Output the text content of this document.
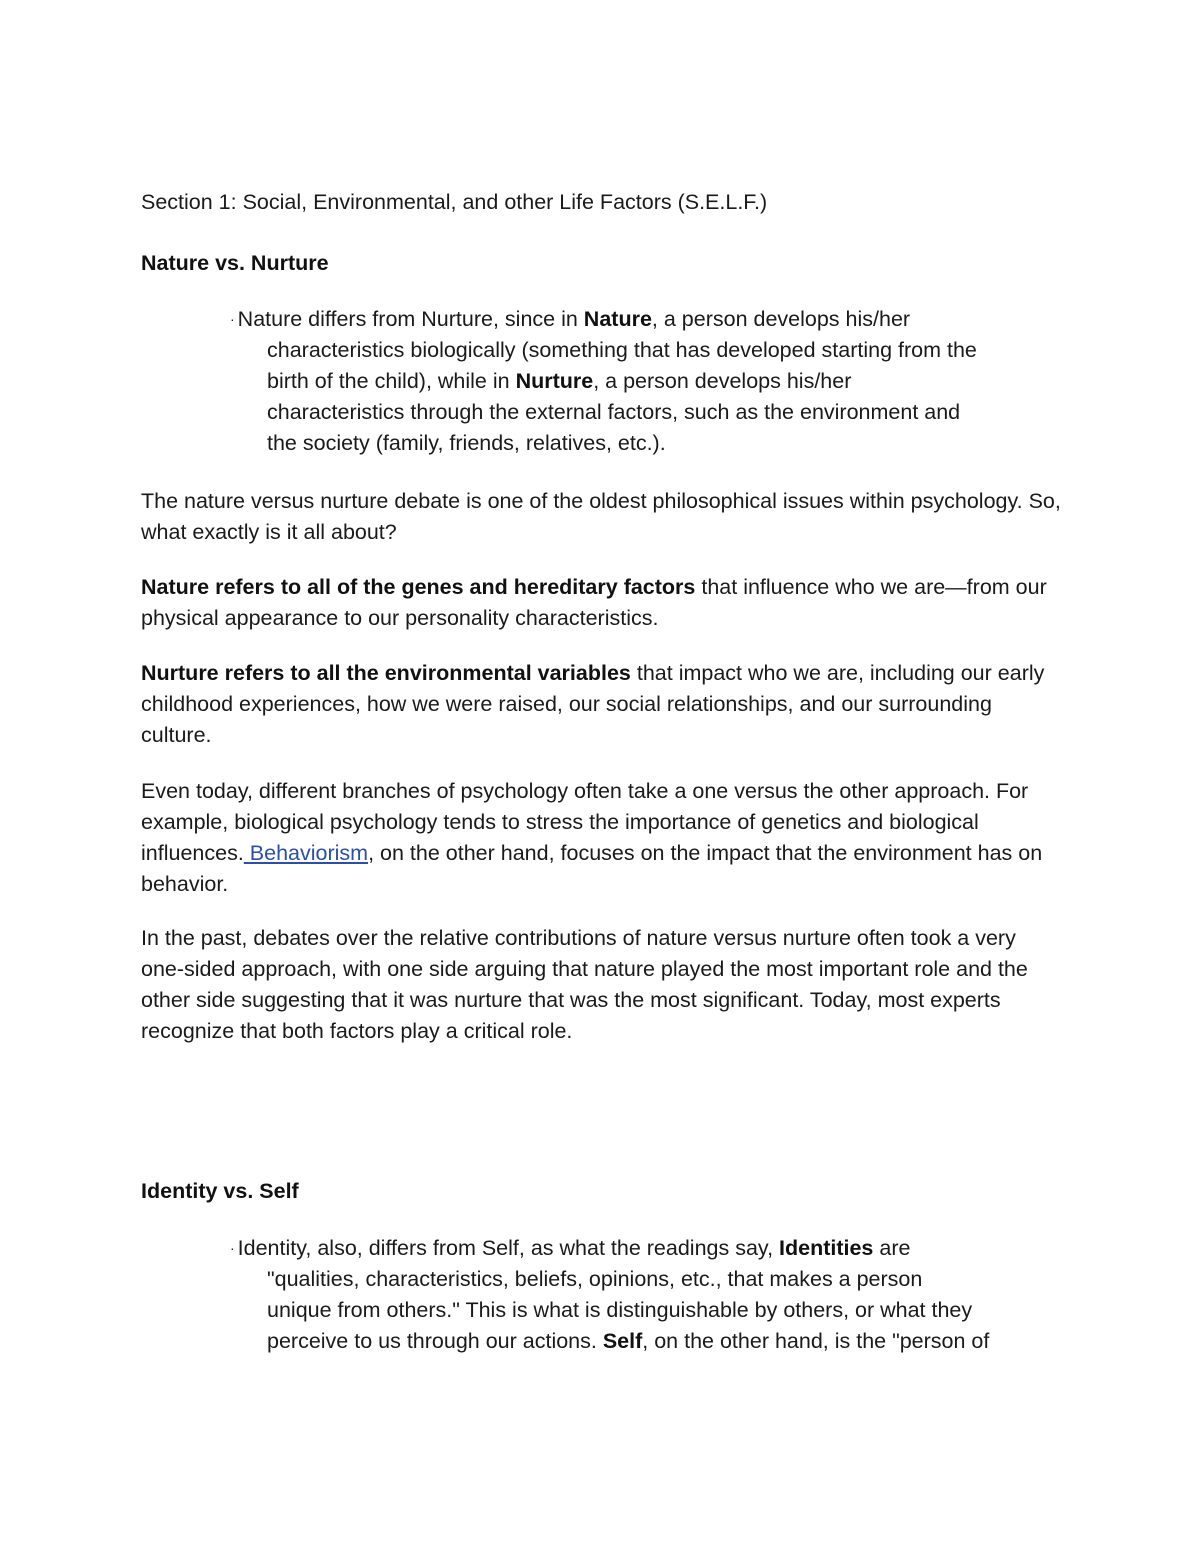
Section 1: Social, Environmental, and other Life Factors (S.E.L.F.)

Nature vs. Nurture

· Nature differs from Nurture, since in Nature, a person develops his/her
characteristics biologically (something that has developed starting from the
birth of the child), while in Nurture, a person develops his/her
characteristics through the external factors, such as the environment and
the society (family, friends, relatives, etc.).

The nature versus nurture debate is one of the oldest philosophical issues within psychology. So, what exactly is it all about?

Nature refers to all of the genes and hereditary factors that influence who we are—from our physical appearance to our personality characteristics.

Nurture refers to all the environmental variables that impact who we are, including our early childhood experiences, how we were raised, our social relationships, and our surrounding culture.

Even today, different branches of psychology often take a one versus the other approach. For example, biological psychology tends to stress the importance of genetics and biological influences. Behaviorism, on the other hand, focuses on the impact that the environment has on behavior.

In the past, debates over the relative contributions of nature versus nurture often took a very one-sided approach, with one side arguing that nature played the most important role and the other side suggesting that it was nurture that was the most significant. Today, most experts recognize that both factors play a critical role.

Identity vs. Self

· Identity, also, differs from Self, as what the readings say, Identities are
"qualities, characteristics, beliefs, opinions, etc., that makes a person
unique from others." This is what is distinguishable by others, or what they
perceive to us through our actions. Self, on the other hand, is the "person of
